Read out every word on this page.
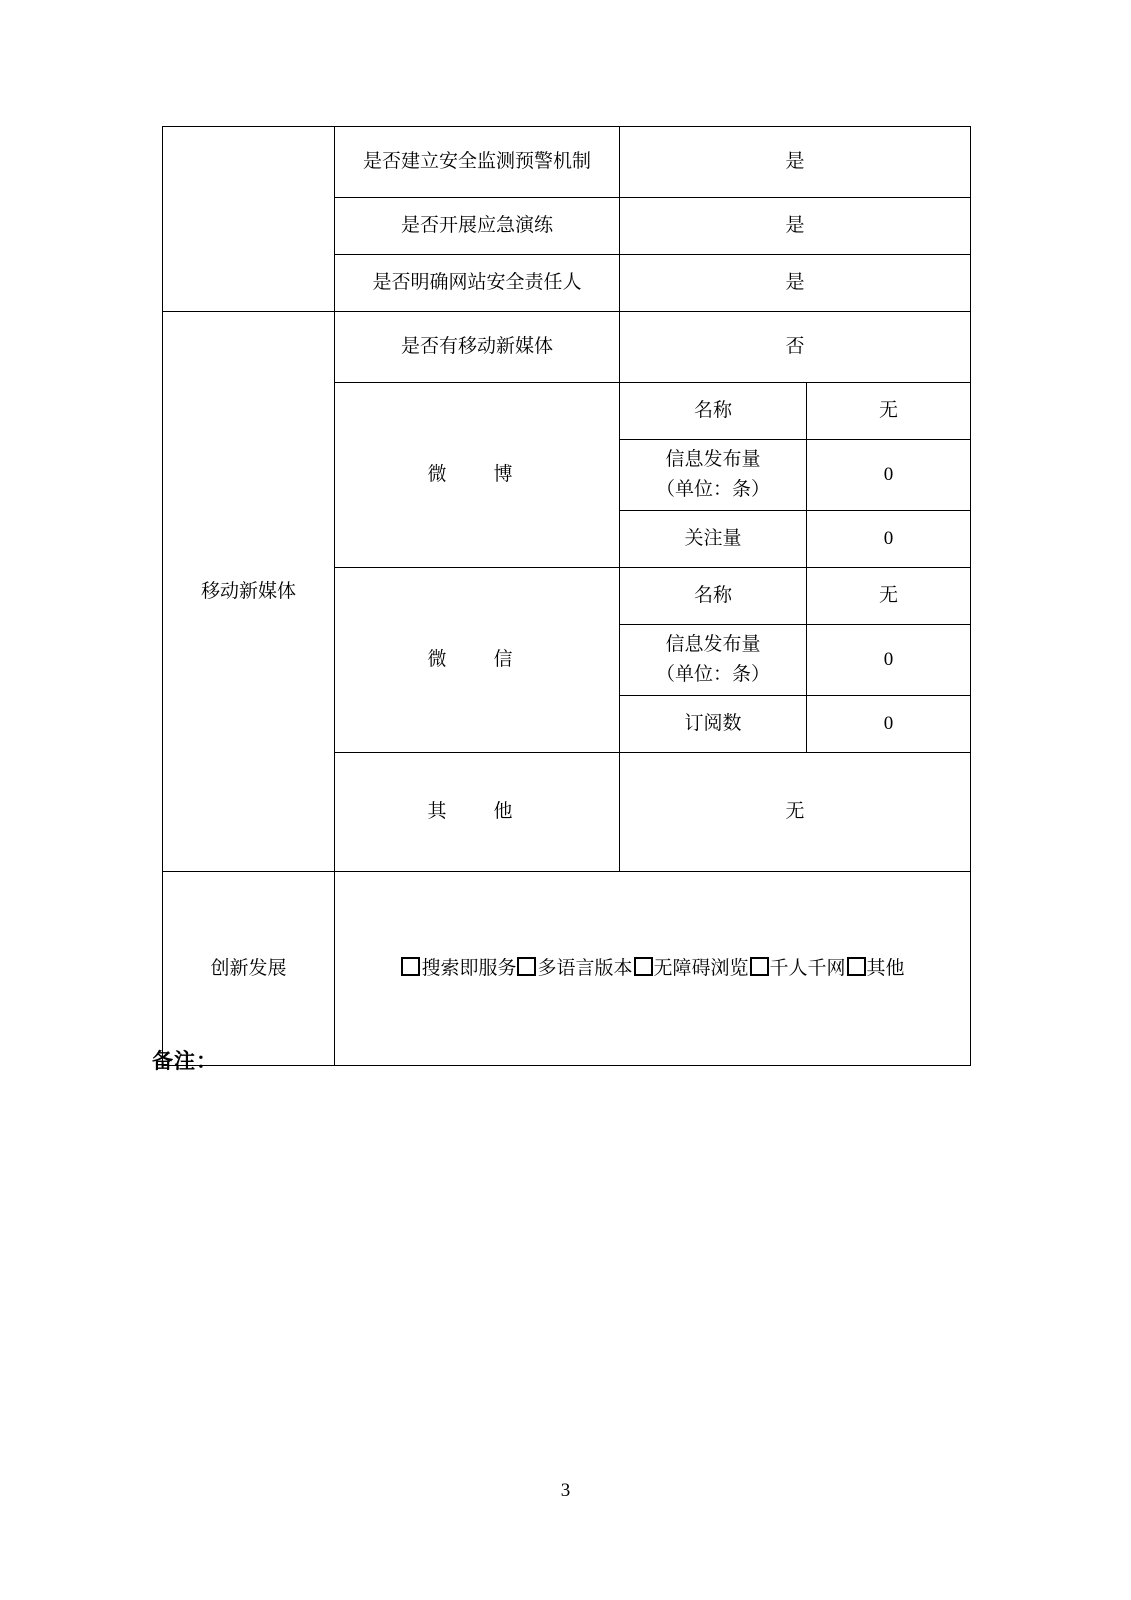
	是否建立安全监测预警机制	是	
	是否开展应急演练	是	
	是否明确网站安全责任人	是	
移动新媒体	是否有移动新媒体	否	
	微　博	名称	无

		信息发布量
（单位：条）	0
		关注量	0
	微　信	名称	无

		信息发布量
（单位：条）	0
		订阅数	0
	其　他	无	
创新发展	搜索即服务 多语言版本 无障碍浏览 千人千网 其他		
备注：
3
